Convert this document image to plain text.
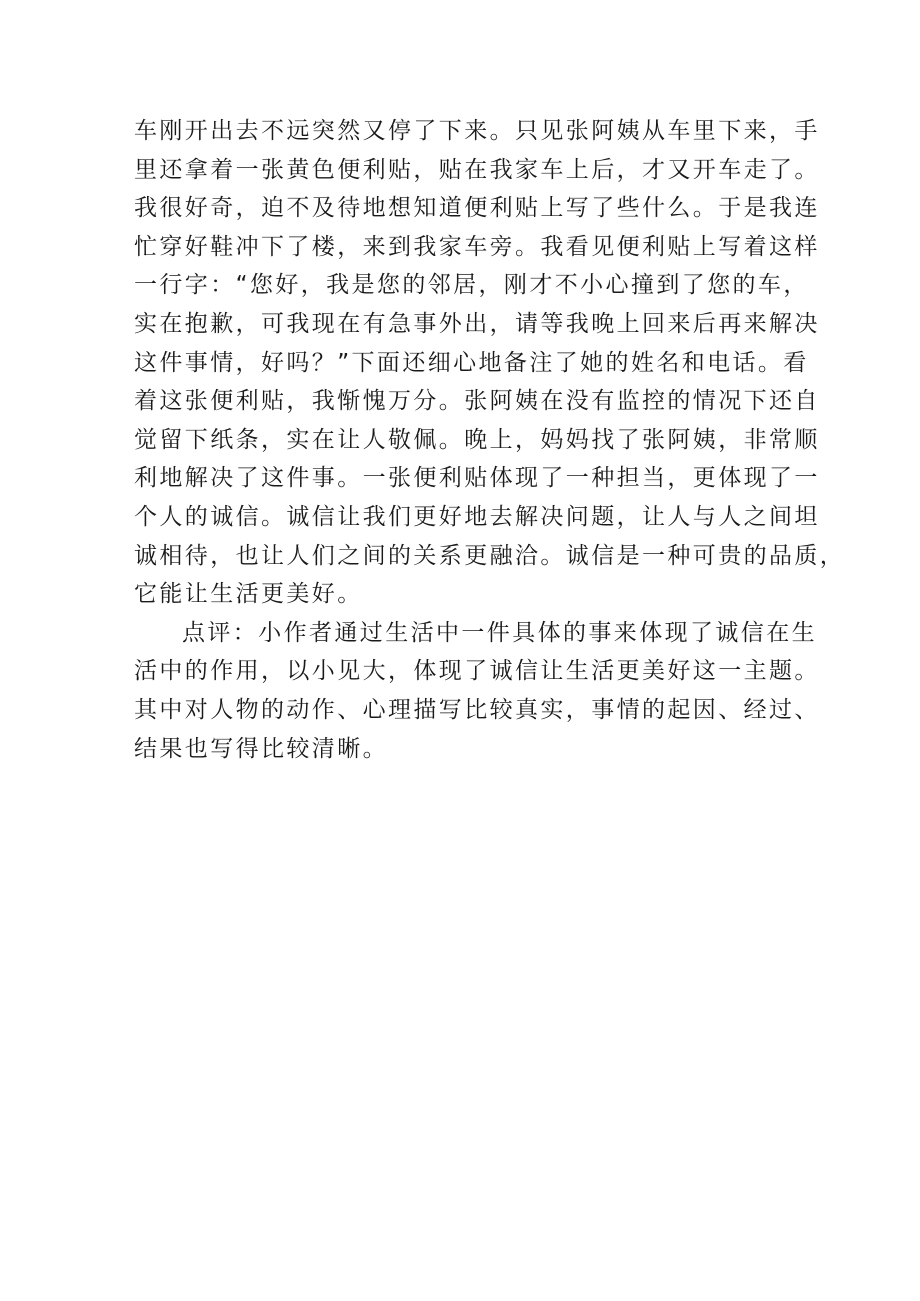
车刚开出去不远突然又停了下来。只见张阿姨从车里下来，手
里还拿着一张黄色便利贴，贴在我家车上后，才又开车走了。
我很好奇，迫不及待地想知道便利贴上写了些什么。于是我连
忙穿好鞋冲下了楼，来到我家车旁。我看见便利贴上写着这样
一行字：“您好，我是您的邻居，刚才不小心撞到了您的车，
实在抱歉，可我现在有急事外出，请等我晚上回来后再来解决
这件事情，好吗？”下面还细心地备注了她的姓名和电话。看
着这张便利贴，我惭愧万分。张阿姨在没有监控的情况下还自
觉留下纸条，实在让人敬佩。晚上，妈妈找了张阿姨，非常顺
利地解决了这件事。一张便利贴体现了一种担当，更体现了一
个人的诚信。诚信让我们更好地去解决问题，让人与人之间坦
诚相待，也让人们之间的关系更融洽。诚信是一种可贵的品质，
它能让生活更美好。
点评：小作者通过生活中一件具体的事来体现了诚信在生
活中的作用，以小见大，体现了诚信让生活更美好这一主题。
其中对人物的动作、心理描写比较真实，事情的起因、经过、
结果也写得比较清晰。
